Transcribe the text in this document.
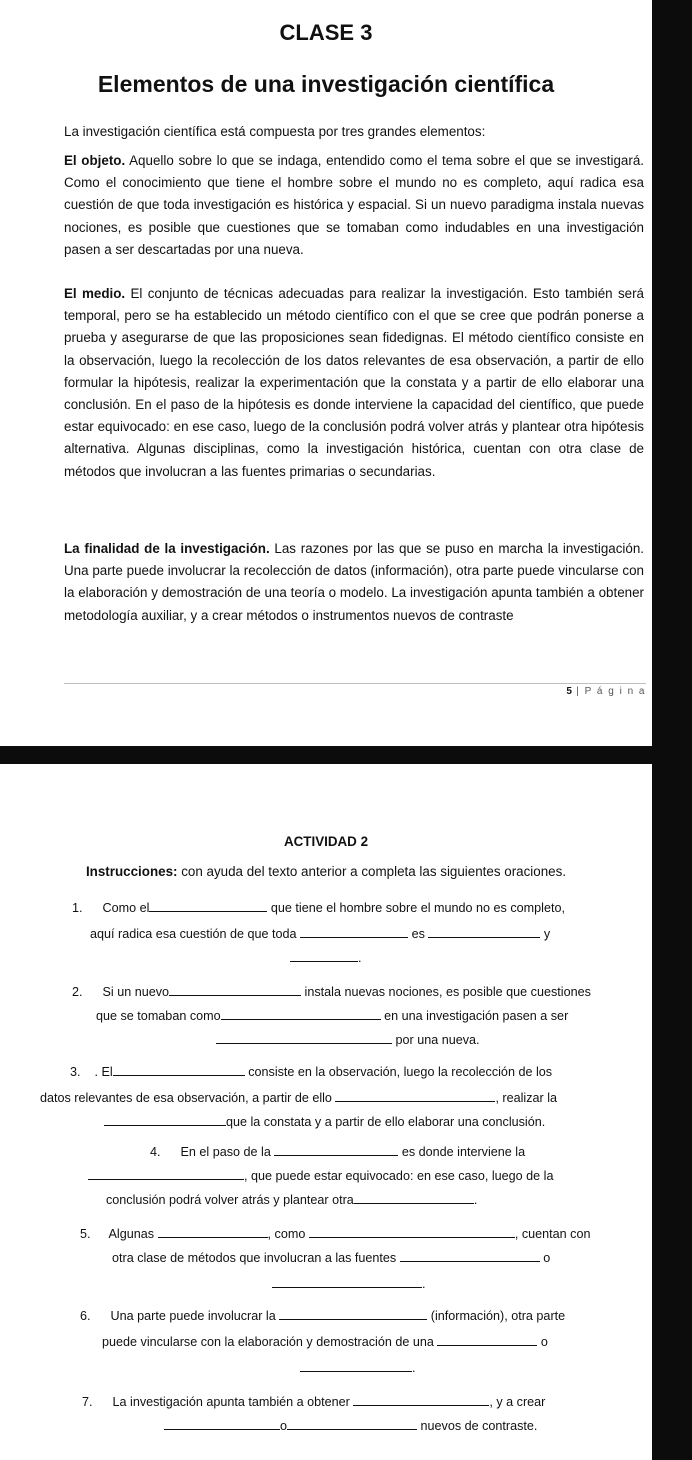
CLASE 3
Elementos de una investigación científica
La investigación científica está compuesta por tres grandes elementos:
El objeto. Aquello sobre lo que se indaga, entendido como el tema sobre el que se investigará. Como el conocimiento que tiene el hombre sobre el mundo no es completo, aquí radica esa cuestión de que toda investigación es histórica y espacial. Si un nuevo paradigma instala nuevas nociones, es posible que cuestiones que se tomaban como indudables en una investigación pasen a ser descartadas por una nueva.
El medio. El conjunto de técnicas adecuadas para realizar la investigación. Esto también será temporal, pero se ha establecido un método científico con el que se cree que podrán ponerse a prueba y asegurarse de que las proposiciones sean fidedignas. El método científico consiste en la observación, luego la recolección de los datos relevantes de esa observación, a partir de ello formular la hipótesis, realizar la experimentación que la constata y a partir de ello elaborar una conclusión. En el paso de la hipótesis es donde interviene la capacidad del científico, que puede estar equivocado: en ese caso, luego de la conclusión podrá volver atrás y plantear otra hipótesis alternativa. Algunas disciplinas, como la investigación histórica, cuentan con otra clase de métodos que involucran a las fuentes primarias o secundarias.
La finalidad de la investigación. Las razones por las que se puso en marcha la investigación. Una parte puede involucrar la recolección de datos (información), otra parte puede vincularse con la elaboración y demostración de una teoría o modelo. La investigación apunta también a obtener metodología auxiliar, y a crear métodos o instrumentos nuevos de contraste
5 | P á g i n a
ACTIVIDAD 2
Instrucciones: con ayuda del texto anterior a completa las siguientes oraciones.
1. Como el	que tiene el hombre sobre el mundo no es completo,
aquí radica esa cuestión de que toda	es	y
.
2. Si un nuevo	instala nuevas nociones, es posible que cuestiones
que se tomaban como	en una investigación pasen a ser
por una nueva.
3. . El	consiste en la observación, luego la recolección de los
datos relevantes de esa observación, a partir de ello	, realizar la
que la constata y a partir de ello elaborar una conclusión.
4. En el paso de la	es donde interviene la
, que puede estar equivocado: en ese caso, luego de la
conclusión podrá volver atrás y plantear otra	.
5. Algunas	, como	, cuentan con
otra clase de métodos que involucran a las fuentes	o
.
6. Una parte puede involucrar la	(información), otra parte
puede vincularse con la elaboración y demostración de una	o
.
7. La investigación apunta también a obtener	, y a crear
o	nuevos de contraste.
